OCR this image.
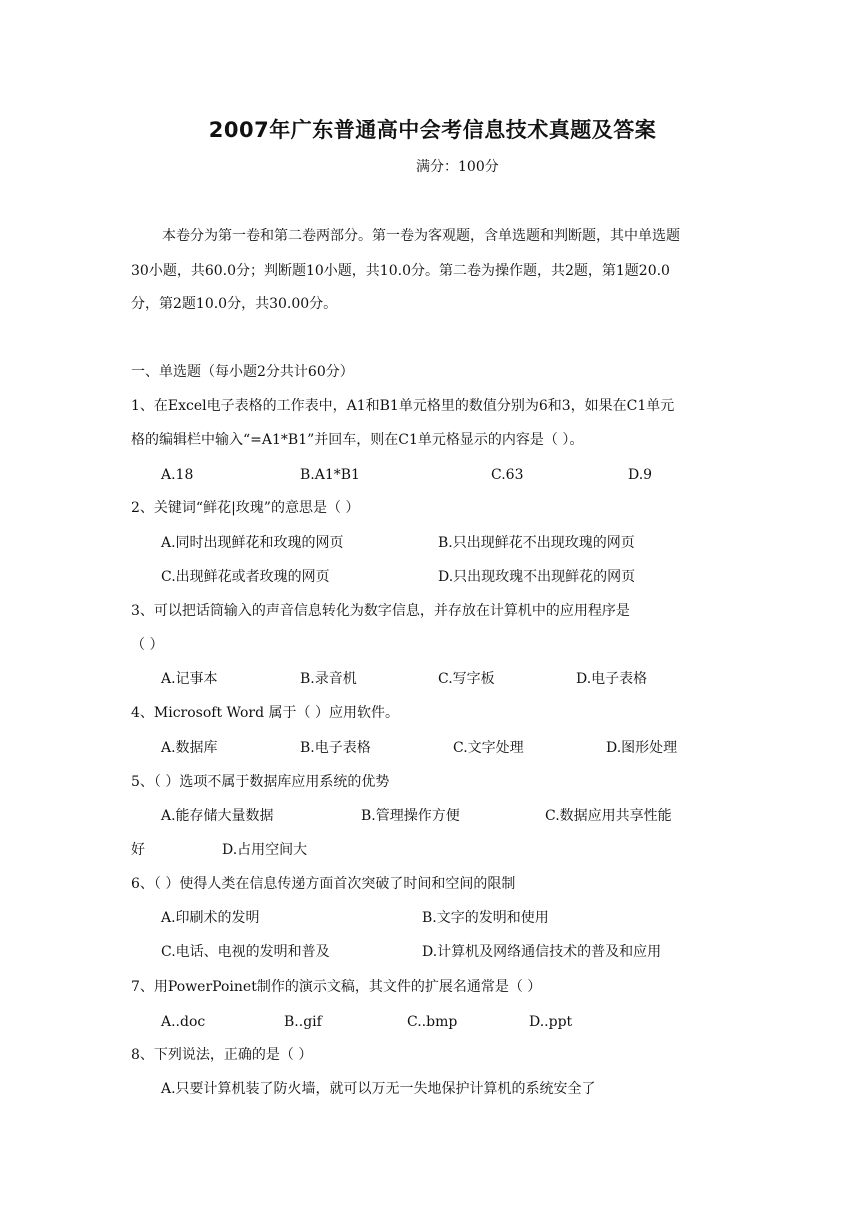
2007年广东普通高中会考信息技术真题及答案
满分：100分
本卷分为第一卷和第二卷两部分。第一卷为客观题，含单选题和判断题，其中单选题
30小题，共60.0分；判断题10小题，共10.0分。第二卷为操作题，共2题，第1题20.0
分，第2题10.0分，共30.00分。
一、单选题（每小题2分共计60分）
1、在Excel电子表格的工作表中，A1和B1单元格里的数值分别为6和3，如果在C1单元
格的编辑栏中输入“=A1*B1”并回车，则在C1单元格显示的内容是（ ）。
A.18	B.A1*B1	C.63	D.9
2、关键词“鲜花|玫瑰”的意思是（ ）
A.同时出现鲜花和玫瑰的网页	B.只出现鲜花不出现玫瑰的网页
C.出现鲜花或者玫瑰的网页	D.只出现玫瑰不出现鲜花的网页
3、可以把话筒输入的声音信息转化为数字信息，并存放在计算机中的应用程序是
（ ）
A.记事本	B.录音机	C.写字板	D.电子表格
4、Microsoft Word 属于（ ）应用软件。
A.数据库	B.电子表格	C.文字处理	D.图形处理
5、（ ）选项不属于数据库应用系统的优势
A.能存储大量数据	B.管理操作方便	C.数据应用共享性能
好	D.占用空间大
6、（ ）使得人类在信息传递方面首次突破了时间和空间的限制
A.印刷术的发明	B.文字的发明和使用
C.电话、电视的发明和普及	D.计算机及网络通信技术的普及和应用
7、用PowerPoinet制作的演示文稿，其文件的扩展名通常是（ ）
A..doc	B..gif	C..bmp	D..ppt
8、下列说法，正确的是（ ）
A.只要计算机装了防火墙，就可以万无一失地保护计算机的系统安全了
